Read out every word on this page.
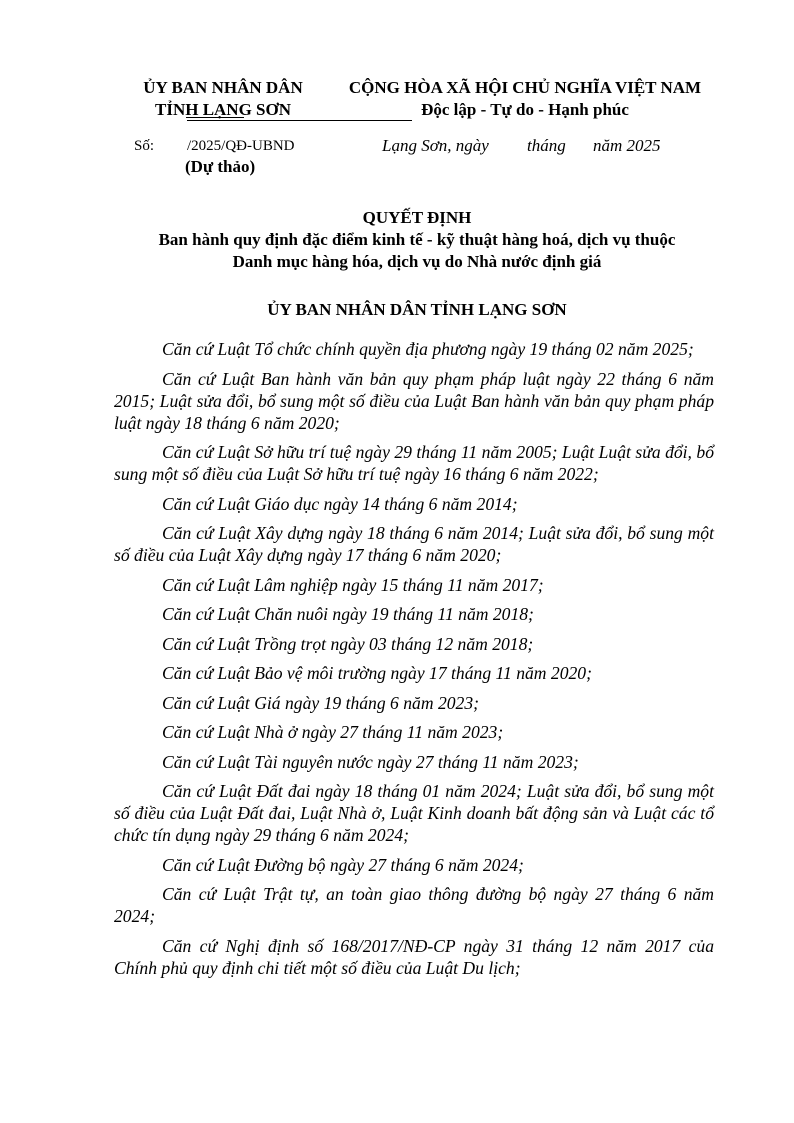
ỦY BAN NHÂN DÂN
TỈNH LẠNG SƠN
CỘNG HÒA XÃ HỘI CHỦ NGHĨA VIỆT NAM
Độc lập - Tự do - Hạnh phúc
Số: /2025/QĐ-UBND
(Dự thảo)
Lạng Sơn, ngày tháng năm 2025
QUYẾT ĐỊNH
Ban hành quy định đặc điểm kinh tế - kỹ thuật hàng hoá, dịch vụ thuộc
Danh mục hàng hóa, dịch vụ do Nhà nước định giá
ỦY BAN NHÂN DÂN TỈNH LẠNG SƠN

Căn cứ Luật Tổ chức chính quyền địa phương ngày 19 tháng 02 năm 2025;

Căn cứ Luật Ban hành văn bản quy phạm pháp luật ngày 22 tháng 6 năm 2015; Luật sửa đổi, bổ sung một số điều của Luật Ban hành văn bản quy phạm pháp luật ngày 18 tháng 6 năm 2020;

Căn cứ Luật Sở hữu trí tuệ ngày 29 tháng 11 năm 2005; Luật Luật sửa đổi, bổ sung một số điều của Luật Sở hữu trí tuệ ngày 16 tháng 6 năm 2022;

Căn cứ Luật Giáo dục ngày 14 tháng 6 năm 2014;

Căn cứ Luật Xây dựng ngày 18 tháng 6 năm 2014; Luật sửa đổi, bổ sung một số điều của Luật Xây dựng ngày 17 tháng 6 năm 2020;

Căn cứ Luật Lâm nghiệp ngày 15 tháng 11 năm 2017;

Căn cứ Luật Chăn nuôi ngày 19 tháng 11 năm 2018;

Căn cứ Luật Trồng trọt ngày 03 tháng 12 năm 2018;

Căn cứ Luật Bảo vệ môi trường ngày 17 tháng 11 năm 2020;

Căn cứ Luật Giá ngày 19 tháng 6 năm 2023;

Căn cứ Luật Nhà ở ngày 27 tháng 11 năm 2023;

Căn cứ Luật Tài nguyên nước ngày 27 tháng 11 năm 2023;

Căn cứ Luật Đất đai ngày 18 tháng 01 năm 2024; Luật sửa đổi, bổ sung một số điều của Luật Đất đai, Luật Nhà ở, Luật Kinh doanh bất động sản và Luật các tổ chức tín dụng ngày 29 tháng 6 năm 2024;

Căn cứ Luật Đường bộ ngày 27 tháng 6 năm 2024;

Căn cứ Luật Trật tự, an toàn giao thông đường bộ ngày 27 tháng 6 năm 2024;

Căn cứ Nghị định số 168/2017/NĐ-CP ngày 31 tháng 12 năm 2017 của Chính phủ quy định chi tiết một số điều của Luật Du lịch;
